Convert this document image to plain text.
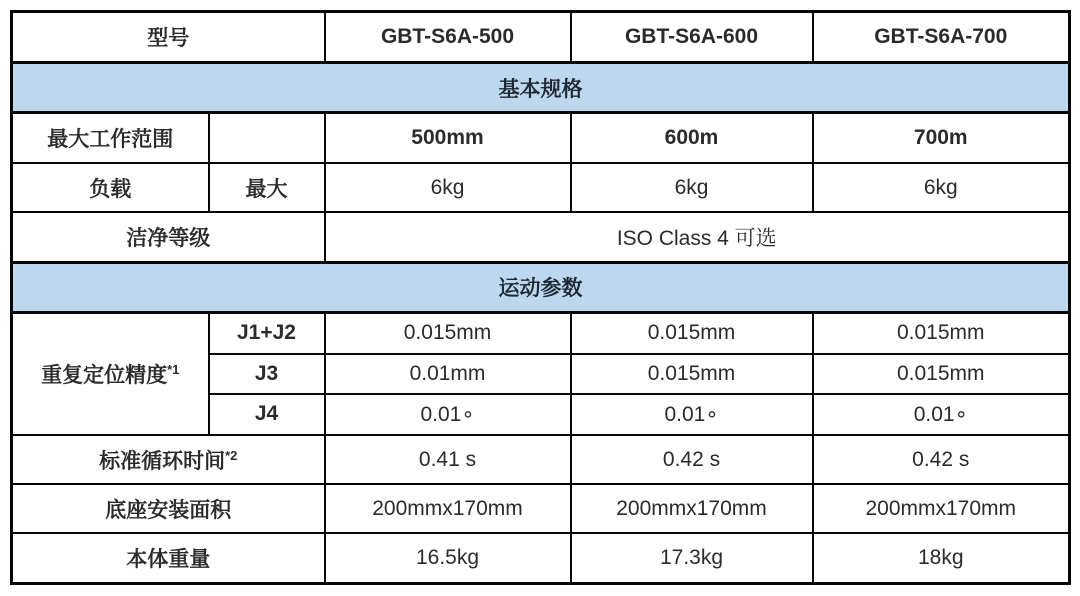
型号		GBT-S6A-500	GBT-S6A-600	GBT-S6A-700
基本规格				
最大工作范围		500mm	600m	700m
负载	最大	6kg	6kg	6kg
洁净等级		ISO Class 4 可选		
运动参数				
重复定位精度$^{*1}$	J1+J2	0.015mm	0.015mm	0.015mm
	J3	0.01mm	0.015mm	0.015mm
	J4	0.01∘	0.01∘	0.01∘
标准循环时间$^{*2}$		0.41 s	0.42 s	0.42 s
底座安装面积		200mmx170mm	200mmx170mm	200mmx170mm
本体重量		16.5kg	17.3kg	18kg
